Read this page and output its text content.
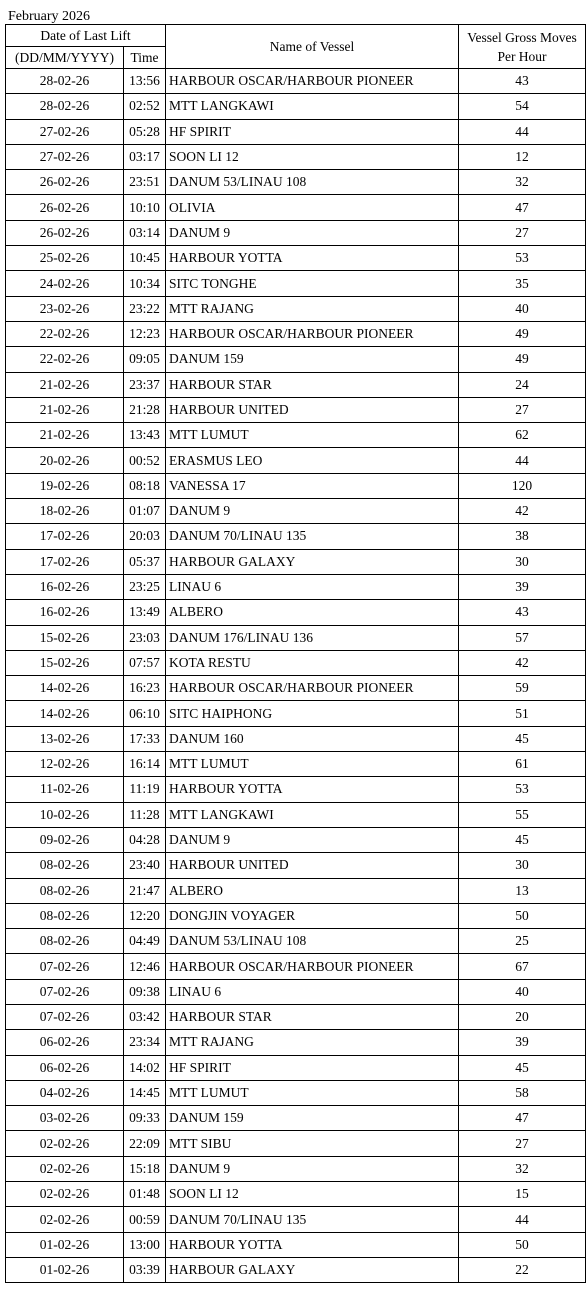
February 2026
Date of Last Lift		Name of Vessel	Vessel Gross Moves Per Hour
(DD/MM/YYYY)	Time		
28-02-26	13:56	HARBOUR OSCAR/HARBOUR PIONEER	43
28-02-26	02:52	MTT LANGKAWI	54
27-02-26	05:28	HF SPIRIT	44
27-02-26	03:17	SOON LI 12	12
26-02-26	23:51	DANUM 53/LINAU 108	32
26-02-26	10:10	OLIVIA	47
26-02-26	03:14	DANUM 9	27
25-02-26	10:45	HARBOUR YOTTA	53
24-02-26	10:34	SITC TONGHE	35
23-02-26	23:22	MTT RAJANG	40
22-02-26	12:23	HARBOUR OSCAR/HARBOUR PIONEER	49
22-02-26	09:05	DANUM 159	49
21-02-26	23:37	HARBOUR STAR	24
21-02-26	21:28	HARBOUR UNITED	27
21-02-26	13:43	MTT LUMUT	62
20-02-26	00:52	ERASMUS LEO	44
19-02-26	08:18	VANESSA 17	120
18-02-26	01:07	DANUM 9	42
17-02-26	20:03	DANUM 70/LINAU 135	38
17-02-26	05:37	HARBOUR GALAXY	30
16-02-26	23:25	LINAU 6	39
16-02-26	13:49	ALBERO	43
15-02-26	23:03	DANUM 176/LINAU 136	57
15-02-26	07:57	KOTA RESTU	42
14-02-26	16:23	HARBOUR OSCAR/HARBOUR PIONEER	59
14-02-26	06:10	SITC HAIPHONG	51
13-02-26	17:33	DANUM 160	45
12-02-26	16:14	MTT LUMUT	61
11-02-26	11:19	HARBOUR YOTTA	53
10-02-26	11:28	MTT LANGKAWI	55
09-02-26	04:28	DANUM 9	45
08-02-26	23:40	HARBOUR UNITED	30
08-02-26	21:47	ALBERO	13
08-02-26	12:20	DONGJIN VOYAGER	50
08-02-26	04:49	DANUM 53/LINAU 108	25
07-02-26	12:46	HARBOUR OSCAR/HARBOUR PIONEER	67
07-02-26	09:38	LINAU 6	40
07-02-26	03:42	HARBOUR STAR	20
06-02-26	23:34	MTT RAJANG	39
06-02-26	14:02	HF SPIRIT	45
04-02-26	14:45	MTT LUMUT	58
03-02-26	09:33	DANUM 159	47
02-02-26	22:09	MTT SIBU	27
02-02-26	15:18	DANUM 9	32
02-02-26	01:48	SOON LI 12	15
02-02-26	00:59	DANUM 70/LINAU 135	44
01-02-26	13:00	HARBOUR YOTTA	50
01-02-26	03:39	HARBOUR GALAXY	22
